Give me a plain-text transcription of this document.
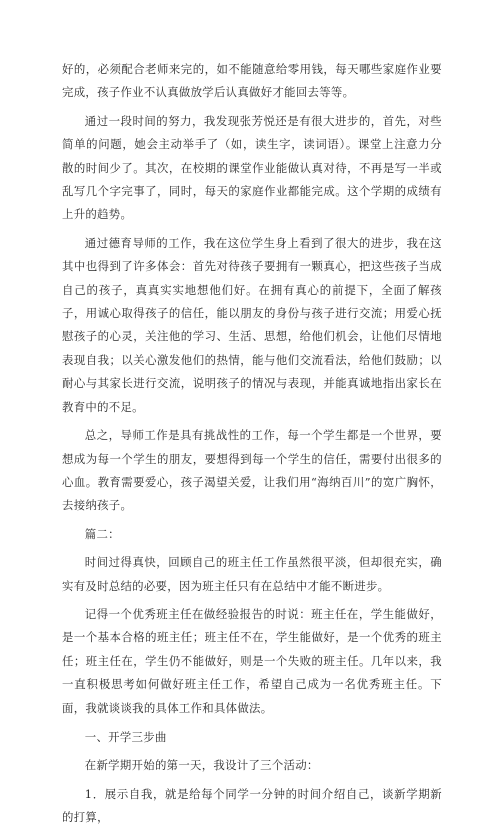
好的，必须配合老师来完的，如不能随意给零用钱，每天哪些家庭作业要完成，孩子作业不认真做放学后认真做好才能回去等等。

通过一段时间的努力，我发现张芳悦还是有很大进步的，首先，对些简单的问题，她会主动举手了（如，读生字，读词语）。课堂上注意力分散的时间少了。其次，在校期的课堂作业能做认真对待，不再是写一半或乱写几个字完事了，同时，每天的家庭作业都能完成。这个学期的成绩有上升的趋势。

通过德育导师的工作，我在这位学生身上看到了很大的进步，我在这其中也得到了许多体会：首先对待孩子要拥有一颗真心，把这些孩子当成自己的孩子，真真实实地想他们好。在拥有真心的前提下，全面了解孩子，用诚心取得孩子的信任，能以朋友的身份与孩子进行交流；用爱心抚慰孩子的心灵，关注他的学习、生活、思想，给他们机会，让他们尽情地表现自我；以关心激发他们的热情，能与他们交流看法，给他们鼓励；以耐心与其家长进行交流，说明孩子的情况与表现，并能真诚地指出家长在教育中的不足。

总之，导师工作是具有挑战性的工作，每一个学生都是一个世界，要想成为每一个学生的朋友，要想得到每一个学生的信任，需要付出很多的心血。教育需要爱心，孩子渴望关爱，让我们用“海纳百川”的宽广胸怀，去接纳孩子。

篇二：

时间过得真快，回顾自己的班主任工作虽然很平淡，但却很充实，确实有及时总结的必要，因为班主任只有在总结中才能不断进步。

记得一个优秀班主任在做经验报告的时说：班主任在，学生能做好，是一个基本合格的班主任；班主任不在，学生能做好，是一个优秀的班主任；班主任在，学生仍不能做好，则是一个失败的班主任。几年以来，我一直积极思考如何做好班主任工作，希望自己成为一名优秀班主任。下面，我就谈谈我的具体工作和具体做法。

一、开学三步曲

在新学期开始的第一天，我设计了三个活动：

1．展示自我，就是给每个同学一分钟的时间介绍自己，谈新学期新的打算，
